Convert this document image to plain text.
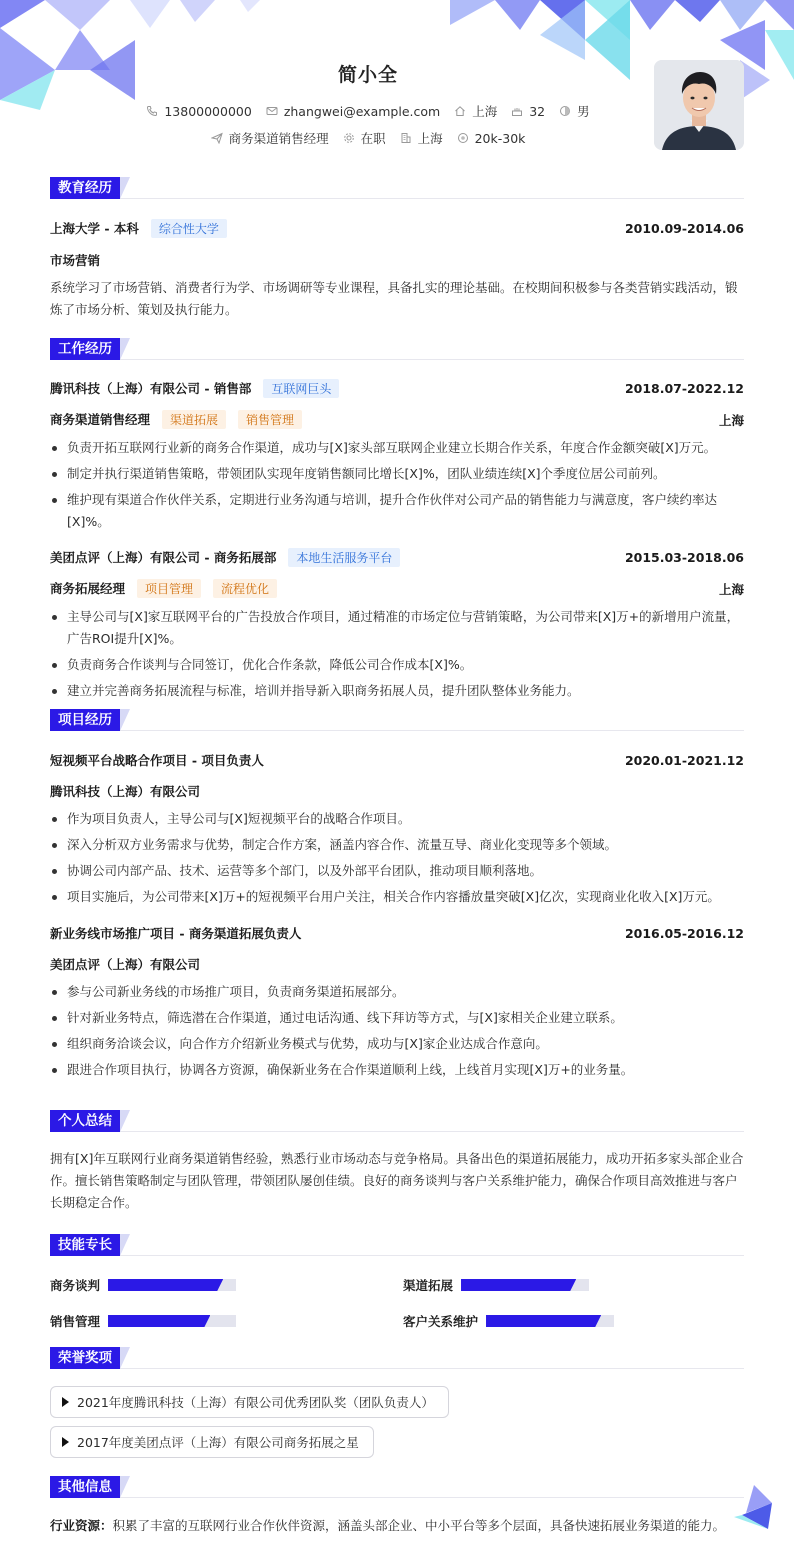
简小全
13800000000	zhangwei@example.com	上海	32	男
商务渠道销售经理	在职	上海	20k-30k
教育经历
上海大学 - 本科 综合性大学	2010.09-2014.06
市场营销
系统学习了市场营销、消费者行为学、市场调研等专业课程，具备扎实的理论基础。在校期间积极参与各类营销实践活动，锻炼了市场分析、策划及执行能力。
工作经历
腾讯科技（上海）有限公司 - 销售部 互联网巨头	2018.07-2022.12
商务渠道销售经理 渠道拓展 销售管理	上海
负责开拓互联网行业新的商务合作渠道，成功与[X]家头部互联网企业建立长期合作关系，年度合作金额突破[X]万元。
制定并执行渠道销售策略，带领团队实现年度销售额同比增长[X]%，团队业绩连续[X]个季度位居公司前列。
维护现有渠道合作伙伴关系，定期进行业务沟通与培训，提升合作伙伴对公司产品的销售能力与满意度，客户续约率达[X]%。
美团点评（上海）有限公司 - 商务拓展部 本地生活服务平台	2015.03-2018.06
商务拓展经理 项目管理 流程优化	上海
主导公司与[X]家互联网平台的广告投放合作项目，通过精准的市场定位与营销策略，为公司带来[X]万+的新增用户流量，广告ROI提升[X]%。
负责商务合作谈判与合同签订，优化合作条款，降低公司合作成本[X]%。
建立并完善商务拓展流程与标准，培训并指导新入职商务拓展人员，提升团队整体业务能力。
项目经历
短视频平台战略合作项目 - 项目负责人	2020.01-2021.12
腾讯科技（上海）有限公司
作为项目负责人，主导公司与[X]短视频平台的战略合作项目。
深入分析双方业务需求与优势，制定合作方案，涵盖内容合作、流量互导、商业化变现等多个领域。
协调公司内部产品、技术、运营等多个部门，以及外部平台团队，推动项目顺利落地。
项目实施后，为公司带来[X]万+的短视频平台用户关注，相关合作内容播放量突破[X]亿次，实现商业化收入[X]万元。
新业务线市场推广项目 - 商务渠道拓展负责人	2016.05-2016.12
美团点评（上海）有限公司
参与公司新业务线的市场推广项目，负责商务渠道拓展部分。
针对新业务特点，筛选潜在合作渠道，通过电话沟通、线下拜访等方式，与[X]家相关企业建立联系。
组织商务洽谈会议，向合作方介绍新业务模式与优势，成功与[X]家企业达成合作意向。
跟进合作项目执行，协调各方资源，确保新业务在合作渠道顺利上线，上线首月实现[X]万+的业务量。
个人总结
拥有[X]年互联网行业商务渠道销售经验，熟悉行业市场动态与竞争格局。具备出色的渠道拓展能力，成功开拓多家头部企业合作。擅长销售策略制定与团队管理，带领团队屡创佳绩。良好的商务谈判与客户关系维护能力，确保合作项目高效推进与客户长期稳定合作。
技能专长
商务谈判	渠道拓展
销售管理	客户关系维护
荣誉奖项
2021年度腾讯科技（上海）有限公司优秀团队奖（团队负责人）
2017年度美团点评（上海）有限公司商务拓展之星
其他信息
行业资源：积累了丰富的互联网行业合作伙伴资源，涵盖头部企业、中小平台等多个层面，具备快速拓展业务渠道的能力。
